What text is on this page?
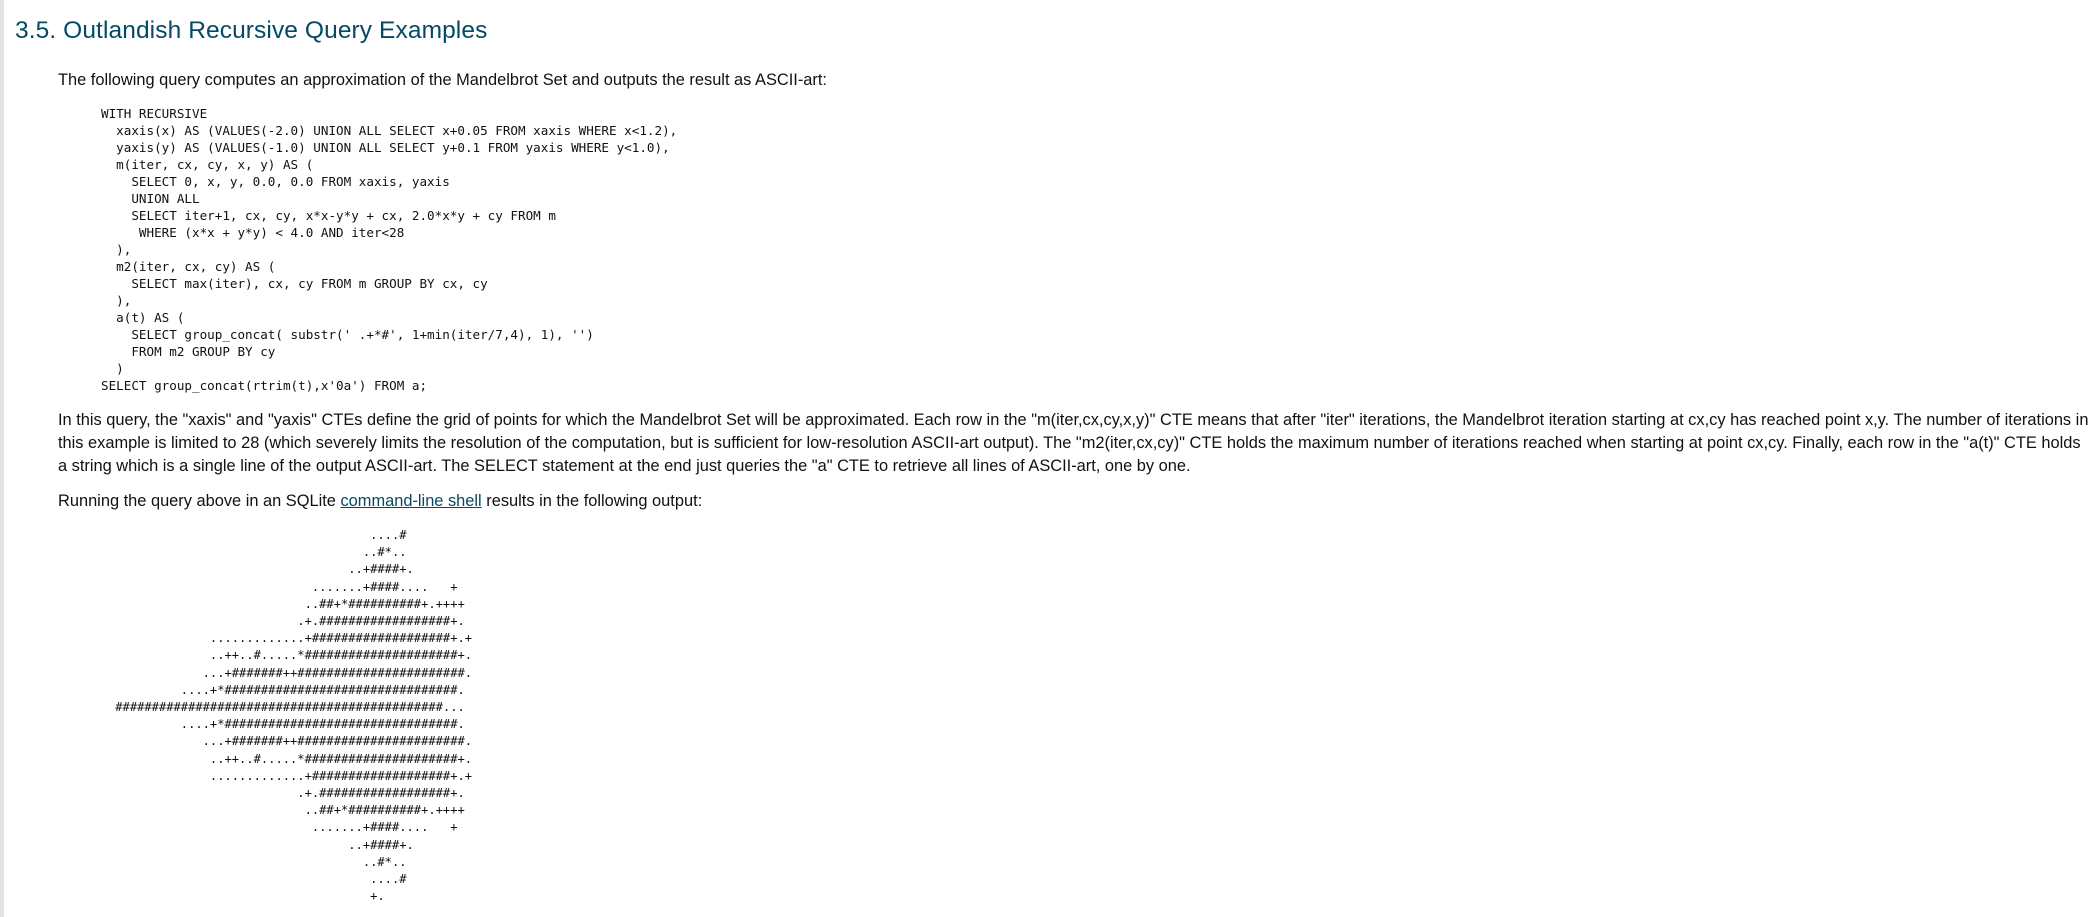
3.5. Outlandish Recursive Query Examples

The following query computes an approximation of the Mandelbrot Set and outputs the result as ASCII-art:

WITH RECURSIVE
xaxis(x) AS (VALUES(-2.0) UNION ALL SELECT x+0.05 FROM xaxis WHERE x<1.2),
yaxis(y) AS (VALUES(-1.0) UNION ALL SELECT y+0.1 FROM yaxis WHERE y<1.0),
m(iter, cx, cy, x, y) AS (
SELECT 0, x, y, 0.0, 0.0 FROM xaxis, yaxis
UNION ALL
SELECT iter+1, cx, cy, x*x-y*y + cx, 2.0*x*y + cy FROM m
WHERE (x*x + y*y) < 4.0 AND iter<28
),
m2(iter, cx, cy) AS (
SELECT max(iter), cx, cy FROM m GROUP BY cx, cy
),
a(t) AS (
SELECT group_concat( substr(' .+*#', 1+min(iter/7,4), 1), '')
FROM m2 GROUP BY cy
)
SELECT group_concat(rtrim(t),x'0a') FROM a;

In this query, the "xaxis" and "yaxis" CTEs define the grid of points for which the Mandelbrot Set will be approximated. Each row in the "m(iter,cx,cy,x,y)" CTE means that after "iter" iterations, the Mandelbrot iteration starting at cx,cy has reached point x,y. The number of iterations in
this example is limited to 28 (which severely limits the resolution of the computation, but is sufficient for low-resolution ASCII-art output). The "m2(iter,cx,cy)" CTE holds the maximum number of iterations reached when starting at point cx,cy. Finally, each row in the "a(t)" CTE holds
a string which is a single line of the output ASCII-art. The SELECT statement at the end just queries the "a" CTE to retrieve all lines of ASCII-art, one by one.

Running the query above in an SQLite command-line shell results in the following output:

....#
..#*..
..+####+.
.......+####....   +
..##+*##########+.++++
.+.##################+.
.............+###################+.+
..++..#.....*#####################+.
...+#######++#######################.
....+*################################.
#############################################...
....+*################################.
...+#######++#######################.
..++..#.....*#####################+.
.............+###################+.+
.+.##################+.
..##+*##########+.++++
.......+####....   +
..+####+.
..#*..
....#
+.
